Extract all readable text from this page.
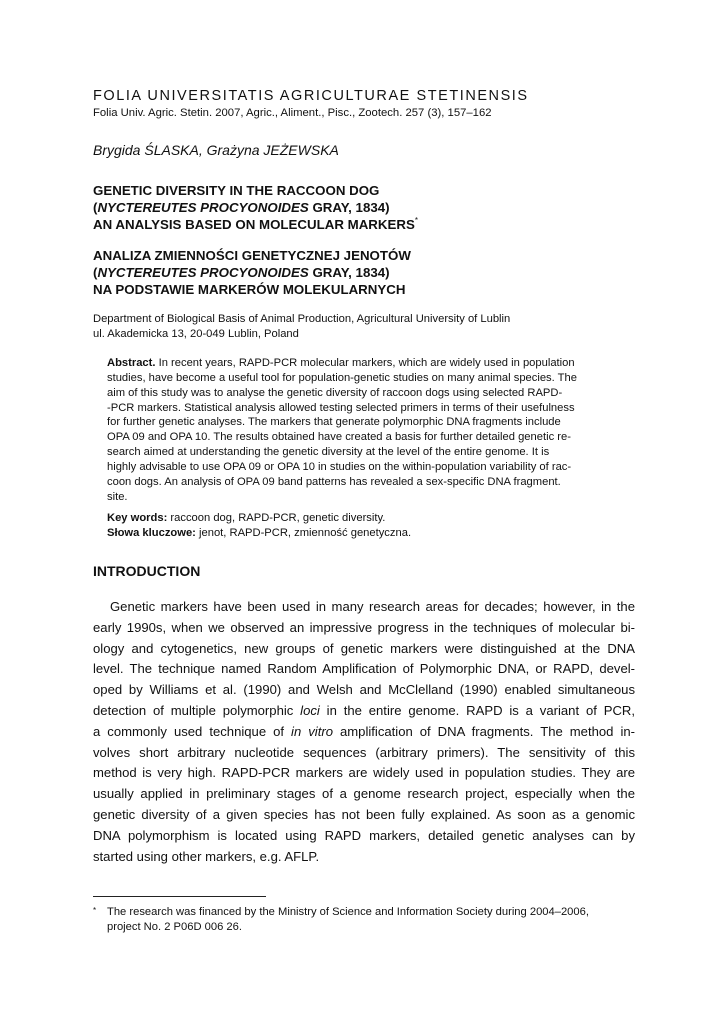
FOLIA UNIVERSITATIS AGRICULTURAE STETINENSIS
Folia Univ. Agric. Stetin. 2007, Agric., Aliment., Pisc., Zootech. 257 (3), 157–162
Brygida ŚLASKA, Grażyna JEŻEWSKA
GENETIC DIVERSITY IN THE RACCOON DOG
(NYCTEREUTES PROCYONOIDES GRAY, 1834)
AN ANALYSIS BASED ON MOLECULAR MARKERS*
ANALIZA ZMIENNOŚCI GENETYCZNEJ JENOTÓW
(NYCTEREUTES PROCYONOIDES GRAY, 1834)
NA PODSTAWIE MARKERÓW MOLEKULARNYCH
Department of Biological Basis of Animal Production, Agricultural University of Lublin
ul. Akademicka 13, 20-049 Lublin, Poland
Abstract. In recent years, RAPD-PCR molecular markers, which are widely used in population
studies, have become a useful tool for population-genetic studies on many animal species. The
aim of this study was to analyse the genetic diversity of raccoon dogs using selected RAPD-
-PCR markers. Statistical analysis allowed testing selected primers in terms of their usefulness
for further genetic analyses. The markers that generate polymorphic DNA fragments include
OPA 09 and OPA 10. The results obtained have created a basis for further detailed genetic re-
search aimed at understanding the genetic diversity at the level of the entire genome. It is
highly advisable to use OPA 09 or OPA 10 in studies on the within-population variability of rac-
coon dogs. An analysis of OPA 09 band patterns has revealed a sex-specific DNA fragment.
site.
Key words: raccoon dog, RAPD-PCR, genetic diversity.
Słowa kluczowe: jenot, RAPD-PCR, zmienność genetyczna.
INTRODUCTION
Genetic markers have been used in many research areas for decades; however, in the
early 1990s, when we observed an impressive progress in the techniques of molecular bi-
ology and cytogenetics, new groups of genetic markers were distinguished at the DNA
level. The technique named Random Amplification of Polymorphic DNA, or RAPD, devel-
oped by Williams et al. (1990) and Welsh and McClelland (1990) enabled simultaneous
detection of multiple polymorphic loci in the entire genome. RAPD is a variant of PCR,
a commonly used technique of in vitro amplification of DNA fragments. The method in-
volves short arbitrary nucleotide sequences (arbitrary primers). The sensitivity of this
method is very high. RAPD-PCR markers are widely used in population studies. They are
usually applied in preliminary stages of a genome research project, especially when the
genetic diversity of a given species has not been fully explained. As soon as a genomic
DNA polymorphism is located using RAPD markers, detailed genetic analyses can by
started using other markers, e.g. AFLP.
* The research was financed by the Ministry of Science and Information Society during 2004–2006,
project No. 2 P06D 006 26.
